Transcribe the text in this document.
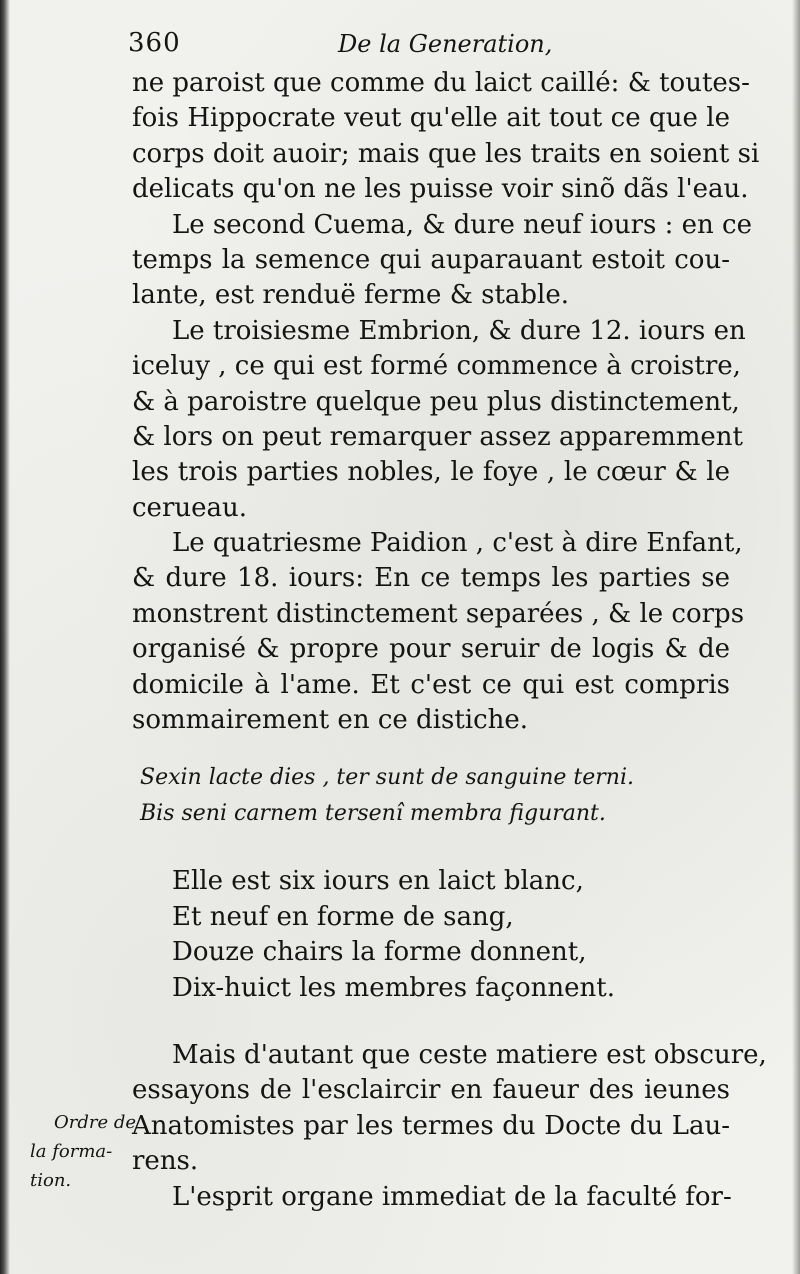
360	De la Generation,
ne paroist que comme du laict caillé: & toutes-
fois Hippocrate veut qu'elle ait tout ce que le
corps doit auoir; mais que les traits en soient si
delicats qu'on ne les puisse voir sinõ dãs l'eau.
Le second Cuema, & dure neuf iours : en ce
temps la semence qui auparauant estoit cou-
lante, est renduë ferme & stable.
Le troisiesme Embrion, & dure 12. iours en
iceluy , ce qui est formé commence à croistre,
& à paroistre quelque peu plus distinctement,
& lors on peut remarquer assez apparemment
les trois parties nobles, le foye , le cœur & le
cerueau.
Le quatriesme Paidion , c'est à dire Enfant,
& dure 18. iours: En ce temps les parties se
monstrent distinctement separées , & le corps
organisé & propre pour seruir de logis & de
domicile à l'ame. Et c'est ce qui est compris
sommairement en ce distiche.
Sexin lacte dies , ter sunt de sanguine terni.
Bis seni carnem tersenî membra figurant.
Elle est six iours en laict blanc,
Et neuf en forme de sang,
Douze chairs la forme donnent,
Dix-huict les membres façonnent.
Mais d'autant que ceste matiere est obscure,
essayons de l'esclaircir en faueur des ieunes
Anatomistes par les termes du Docte du Lau-
rens.
L'esprit organe immediat de la faculté for-
Ordre de
la forma-
tion.
